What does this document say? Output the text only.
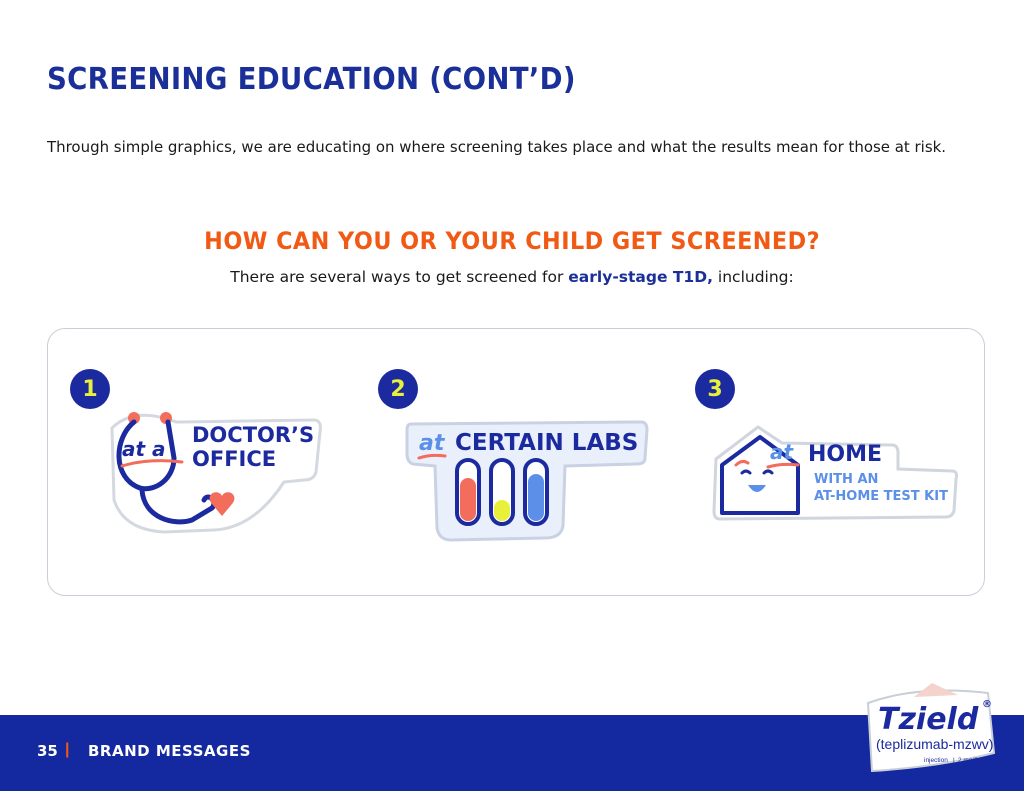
SCREENING EDUCATION (CONT’D)

Through simple graphics, we are educating on where screening takes place and what the results mean for those at risk.

HOW CAN YOU OR YOUR CHILD GET SCREENED?

There are several ways to get screened for early-stage T1D, including:

1
at a
DOCTOR’S
OFFICE
2
at CERTAIN LABS
3
at HOME
WITH AN
AT-HOME TEST KIT
35 | BRAND MESSAGES
Tzield ®
(teplizumab-mzwv)
injection | 2 mg/2mL
